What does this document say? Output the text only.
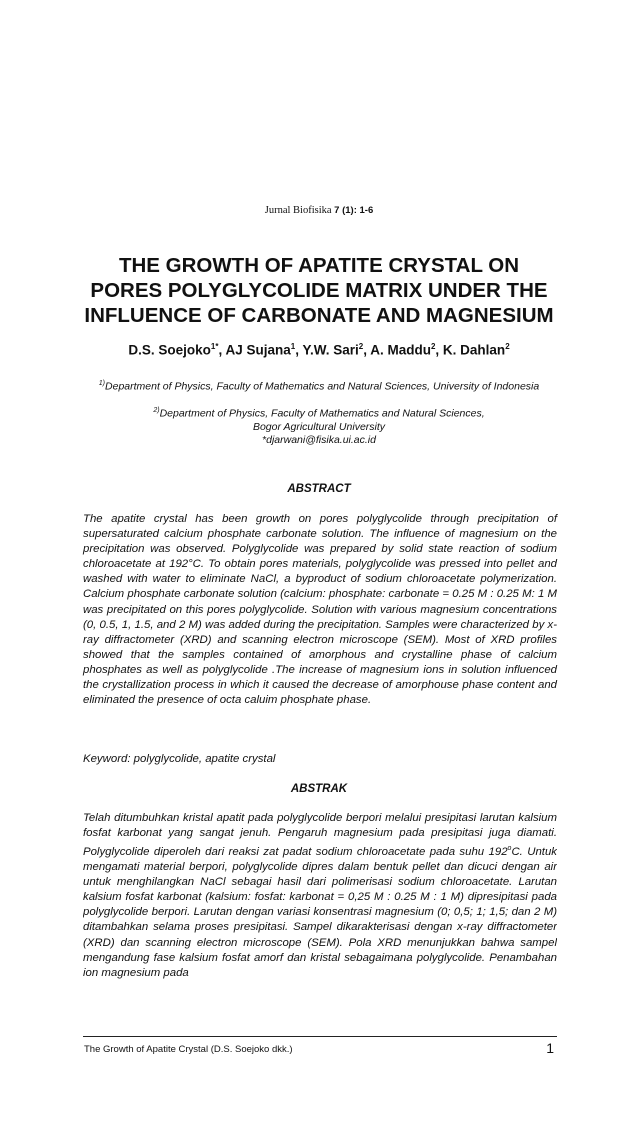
Jurnal Biofisika 7 (1): 1-6
THE GROWTH OF APATITE CRYSTAL ON
PORES POLYGLYCOLIDE MATRIX UNDER THE
INFLUENCE OF CARBONATE AND MAGNESIUM
D.S. Soejoko$^{1*}$, AJ Sujana$^1$, Y.W. Sari$^2$, A. Maddu$^2$, K. Dahlan$^2$
$^{1)}$Department of Physics, Faculty of Mathematics and Natural Sciences, University of Indonesia
$^{2)}$Department of Physics, Faculty of Mathematics and Natural Sciences,
Bogor Agricultural University
*djarwani@fisika.ui.ac.id
ABSTRACT

The apatite crystal has been growth on pores polyglycolide through precipitation of supersaturated calcium phosphate carbonate solution. The influence of magnesium on the precipitation was observed. Polyglycolide was prepared by solid state reaction of sodium chloroacetate at 192°C. To obtain pores materials, polyglycolide was pressed into pellet and washed with water to eliminate NaCl, a byproduct of sodium chloroacetate polymerization. Calcium phosphate carbonate solution (calcium: phosphate: carbonate = 0.25 M : 0.25 M: 1 M was precipitated on this pores polyglycolide. Solution with various magnesium concentrations (0, 0.5, 1, 1.5, and 2 M) was added during the precipitation. Samples were characterized by x-ray diffractometer (XRD) and scanning electron microscope (SEM). Most of XRD profiles showed that the samples contained of amorphous and crystalline phase of calcium phosphates as well as polyglycolide .The increase of magnesium ions in solution influenced the crystallization process in which it caused the decrease of amorphouse phase content and eliminated the presence of octa caluim phosphate phase.

Keyword: polyglycolide, apatite crystal

ABSTRAK

Telah ditumbuhkan kristal apatit pada polyglycolide berpori melalui presipitasi larutan kalsium fosfat karbonat yang sangat jenuh. Pengaruh magnesium pada presipitasi juga diamati. Polyglycolide diperoleh dari reaksi zat padat sodium chloroacetate pada suhu 192$^o$C. Untuk mengamati material berpori, polyglycolide dipres dalam bentuk pellet dan dicuci dengan air untuk menghilangkan NaCl sebagai hasil dari polimerisasi sodium chloroacetate. Larutan kalsium fosfat karbonat (kalsium: fosfat: karbonat = 0,25 M : 0.25 M : 1 M) dipresipitasi pada polyglycolide berpori. Larutan dengan variasi konsentrasi magnesium (0; 0,5; 1; 1,5; dan 2 M) ditambahkan selama proses presipitasi. Sampel dikarakterisasi dengan x-ray diffractometer (XRD) dan scanning electron microscope (SEM). Pola XRD menunjukkan bahwa sampel mengandung fase kalsium fosfat amorf dan kristal sebagaimana polyglycolide. Penambahan ion magnesium pada

The Growth of Apatite Crystal (D.S. Soejoko dkk.)	1
